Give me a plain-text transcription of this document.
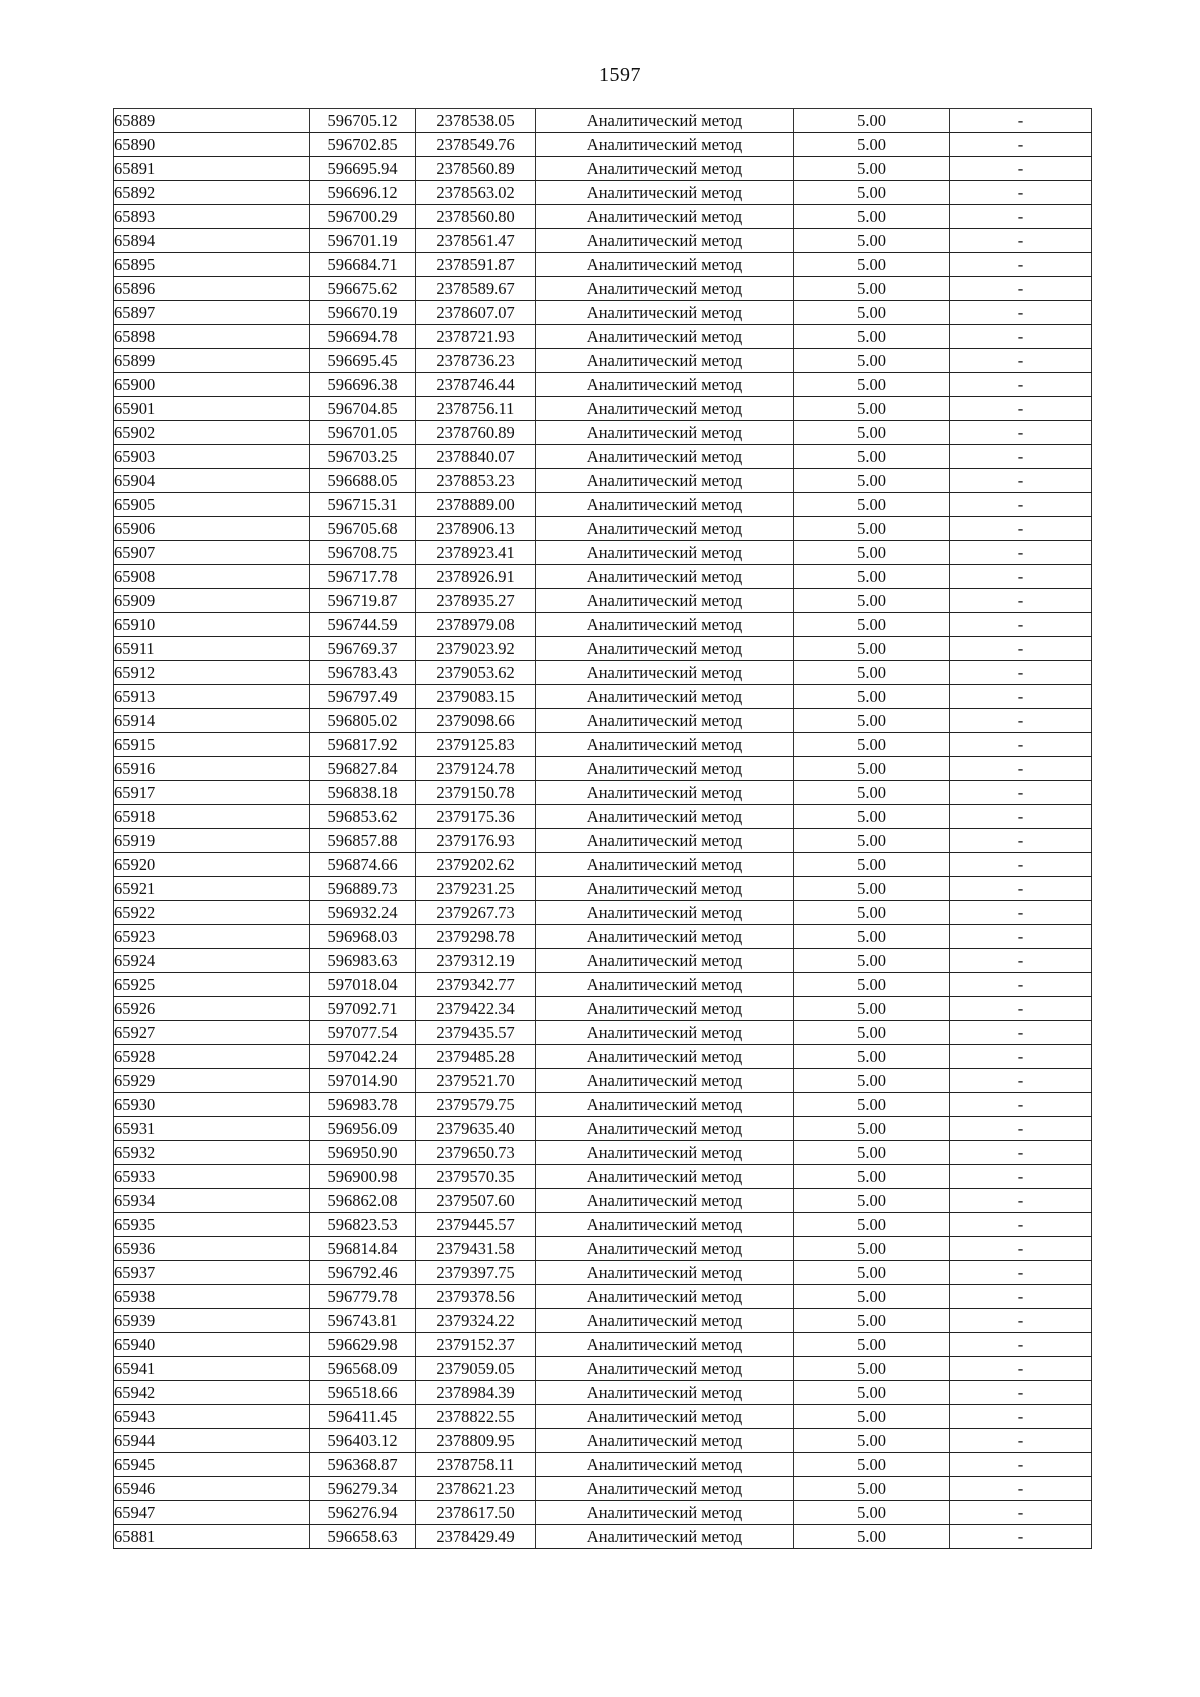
1597
65889	596705.12	2378538.05	Аналитический метод	5.00	-
65890	596702.85	2378549.76	Аналитический метод	5.00	-
65891	596695.94	2378560.89	Аналитический метод	5.00	-
65892	596696.12	2378563.02	Аналитический метод	5.00	-
65893	596700.29	2378560.80	Аналитический метод	5.00	-
65894	596701.19	2378561.47	Аналитический метод	5.00	-
65895	596684.71	2378591.87	Аналитический метод	5.00	-
65896	596675.62	2378589.67	Аналитический метод	5.00	-
65897	596670.19	2378607.07	Аналитический метод	5.00	-
65898	596694.78	2378721.93	Аналитический метод	5.00	-
65899	596695.45	2378736.23	Аналитический метод	5.00	-
65900	596696.38	2378746.44	Аналитический метод	5.00	-
65901	596704.85	2378756.11	Аналитический метод	5.00	-
65902	596701.05	2378760.89	Аналитический метод	5.00	-
65903	596703.25	2378840.07	Аналитический метод	5.00	-
65904	596688.05	2378853.23	Аналитический метод	5.00	-
65905	596715.31	2378889.00	Аналитический метод	5.00	-
65906	596705.68	2378906.13	Аналитический метод	5.00	-
65907	596708.75	2378923.41	Аналитический метод	5.00	-
65908	596717.78	2378926.91	Аналитический метод	5.00	-
65909	596719.87	2378935.27	Аналитический метод	5.00	-
65910	596744.59	2378979.08	Аналитический метод	5.00	-
65911	596769.37	2379023.92	Аналитический метод	5.00	-
65912	596783.43	2379053.62	Аналитический метод	5.00	-
65913	596797.49	2379083.15	Аналитический метод	5.00	-
65914	596805.02	2379098.66	Аналитический метод	5.00	-
65915	596817.92	2379125.83	Аналитический метод	5.00	-
65916	596827.84	2379124.78	Аналитический метод	5.00	-
65917	596838.18	2379150.78	Аналитический метод	5.00	-
65918	596853.62	2379175.36	Аналитический метод	5.00	-
65919	596857.88	2379176.93	Аналитический метод	5.00	-
65920	596874.66	2379202.62	Аналитический метод	5.00	-
65921	596889.73	2379231.25	Аналитический метод	5.00	-
65922	596932.24	2379267.73	Аналитический метод	5.00	-
65923	596968.03	2379298.78	Аналитический метод	5.00	-
65924	596983.63	2379312.19	Аналитический метод	5.00	-
65925	597018.04	2379342.77	Аналитический метод	5.00	-
65926	597092.71	2379422.34	Аналитический метод	5.00	-
65927	597077.54	2379435.57	Аналитический метод	5.00	-
65928	597042.24	2379485.28	Аналитический метод	5.00	-
65929	597014.90	2379521.70	Аналитический метод	5.00	-
65930	596983.78	2379579.75	Аналитический метод	5.00	-
65931	596956.09	2379635.40	Аналитический метод	5.00	-
65932	596950.90	2379650.73	Аналитический метод	5.00	-
65933	596900.98	2379570.35	Аналитический метод	5.00	-
65934	596862.08	2379507.60	Аналитический метод	5.00	-
65935	596823.53	2379445.57	Аналитический метод	5.00	-
65936	596814.84	2379431.58	Аналитический метод	5.00	-
65937	596792.46	2379397.75	Аналитический метод	5.00	-
65938	596779.78	2379378.56	Аналитический метод	5.00	-
65939	596743.81	2379324.22	Аналитический метод	5.00	-
65940	596629.98	2379152.37	Аналитический метод	5.00	-
65941	596568.09	2379059.05	Аналитический метод	5.00	-
65942	596518.66	2378984.39	Аналитический метод	5.00	-
65943	596411.45	2378822.55	Аналитический метод	5.00	-
65944	596403.12	2378809.95	Аналитический метод	5.00	-
65945	596368.87	2378758.11	Аналитический метод	5.00	-
65946	596279.34	2378621.23	Аналитический метод	5.00	-
65947	596276.94	2378617.50	Аналитический метод	5.00	-
65881	596658.63	2378429.49	Аналитический метод	5.00	-
